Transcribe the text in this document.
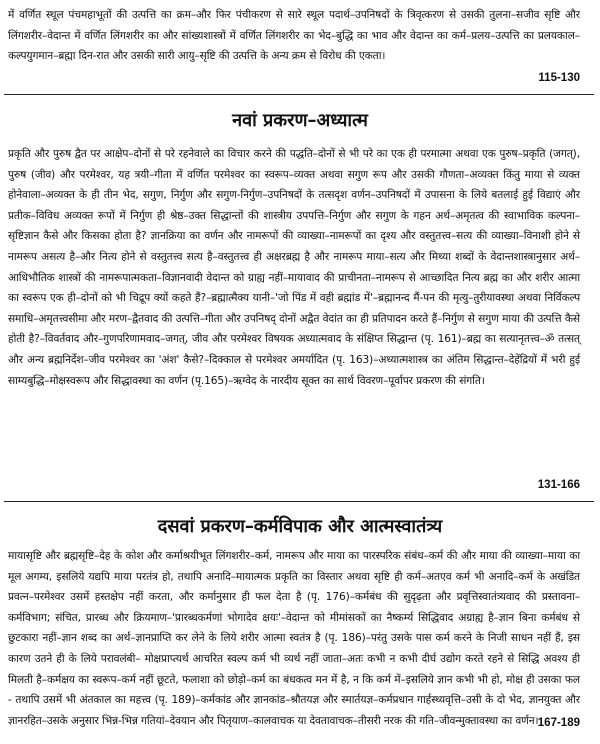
में वर्णित स्थूल पंचमहाभूतों की उत्पत्ति का क्रम–और फिर पंचीकरण से सारे स्थूल पदार्थ–उपनिषदों के त्रिवृत्करण से उसकी तुलना–सजीव सृष्टि और लिंगशरीर–वेदान्त में वर्णित लिंगशरीर का और सांख्यशास्त्रों में वर्णित लिंगशरीर का भेद–बुद्धि का भाव और वेदान्त का कर्म–प्रलय–उत्पत्ति का प्रलयकाल– कल्पयुगमान–ब्रह्मा दिन-रात और उसकी सारी आयु–सृष्टि की उत्पत्ति के अन्य क्रम से विरोध की एकता।

115-130
नवां प्रकरण–अध्यात्म

प्रकृति और पुरुष द्वैत पर आक्षेप–दोनों से परे रहनेवाले का विचार करने की पद्धति–दोनों से भी परे का एक ही परमात्मा अथवा एक पुरुष–प्रकृति (जगत्), पुरुष (जीव) और परमेश्वर, यह त्रयी–गीता में वर्णित परमेश्वर का स्वरूप–व्यक्त अथवा सगुण रूप और उसकी गौणता–अव्यक्त किंतु माया से व्यक्त होनेवाला–अव्यक्त के ही तीन भेद, सगुण, निर्गुण और सगुण-निर्गुण–उपनिषदों के तत्सदृश वर्णन–उपनिषदों में उपासना के लिये बतलाई हुई विद्याएं और प्रतीक–विविध अव्यक्त रूपों में निर्गुण ही श्रेष्ठ–उक्त सिद्धान्तों की शास्त्रीय उपपत्ति–निर्गुण और सगुण के गहन अर्थ–अमृतत्व की स्वाभाविक कल्पना–सृष्टिज्ञान कैसे और किसका होता है? ज्ञानक्रिया का वर्णन और नामरूपों की व्याख्या–नामरूपों का दृश्य और वस्तुतत्त्व–सत्य की व्याख्या–विनाशी होने से नामरूप असत्य है–और नित्य होने से वस्तुतत्त्व सत्य है–वस्तुतत्त्व ही अक्षरब्रह्म है और नामरूप माया–सत्य और मिथ्या शब्दों के वेदान्तशास्त्रानुसार अर्थ–आधिभौतिक शास्त्रों की नामरूपात्मकता–विज्ञानवादी वेदान्त को ग्राह्य नहीं–मायावाद की प्राचीनता–नामरूप से आच्छादित नित्य ब्रह्म का और शरीर आत्मा का स्वरूप एक ही–दोनों को भी चिद्रूप क्यों कहते हैं?–ब्रह्मात्मैक्य यानी–'जो पिंड में वही ब्रह्मांड में'–ब्रह्मानन्द मैं-पन की मृत्यु–तुरीयावस्था अथवा निर्विकल्प समाधि–अमृतत्त्वसीमा और मरण–द्वैतवाद की उत्पत्ति–गीता और उपनिषद् दोनों अद्वैत वेदांत का ही प्रतिपादन करते हैं–निर्गुण से सगुण माया की उत्पत्ति कैसे होती है?–विवर्तवाद और–गुणपरिणामवाद–जगत्, जीव और परमेश्वर विषयक अध्यात्मवाद के संक्षिप्त सिद्धान्त (पृ. 161)–ब्रह्म का सत्यानृतत्त्व–ॐ तत्सत् और अन्य ब्रह्मनिर्देश–जीव परमेश्वर का 'अंश' कैसे?–दिक्काल से परमेश्वर अमर्यादित (पृ. 163)–अध्यात्मशास्त्र का अंतिम सिद्धान्त–देहेंद्रियों में भरी हुई साम्यबुद्धि–मोक्षस्वरूप और सिद्धावस्था का वर्णन (पृ.165)–ऋग्वेद के नारदीय सूक्त का सार्थ विवरण–पूर्वापर प्रकरण की संगति।

131-166
दसवां प्रकरण–कर्मविपाक और आत्मस्वातंत्र्य

मायासृष्टि और ब्रह्मसृष्टि–देह के कोश और कर्माश्रयीभूत लिंगशरीर–कर्म, नामरूप और माया का पारस्परिक संबंध–कर्म की और माया की व्याख्या–माया का मूल अगम्य, इसलिये यद्यपि माया परतंत्र हो, तथापि अनादि–मायात्मक प्रकृति का विस्तार अथवा सृष्टि ही कर्म–अतएव कर्म भी अनादि–कर्म के अखंडित प्रवत्न–परमेश्वर उसमें हस्तक्षेप नहीं करता, और कर्मानुसार ही फल देता है (पृ. 176)–कर्मबंध की सुदृढ़ता और प्रवृत्तिस्वातंत्र्यवाद की प्रस्तावना–कर्मविभाग; संचित, प्रारब्ध और क्रियमाण–'प्रारब्धकर्मणां भोगादेव क्षयः'–वेदान्त को मीमांसकों का नैष्कर्म्य सिद्धिवाद अग्राह्य है–ज्ञान बिना कर्मबंध से छुटकारा नहीं–ज्ञान शब्द का अर्थ–ज्ञानप्राप्ति कर लेने के लिये शरीर आत्मा स्वतंत्र है (पृ. 186)–परंतु उसके पास कर्म करने के निजी साधन नहीं हैं, इस कारण उतने ही के लिये परावलंबी– मोक्षप्राप्त्यर्थ आचरित स्वल्प कर्म भी व्यर्थ नहीं जाता–अतः कभी न कभी दीर्घ उद्योग करते रहने से सिद्धि अवश्य ही मिलती है–कर्मक्षय का स्वरूप–कर्म नहीं छूटते, फलाशा को छोड़ो–कर्म का बंधकत्व मन में है, न कि कर्म में–इसलिये ज्ञान कभी भी हो, मोक्ष ही उसका फल - तथापि उसमें भी अंतकाल का महत्त्व (पृ. 189)–कर्मकांड और ज्ञानकांड–श्रौतयज्ञ और स्मार्तयज्ञ–कर्मप्रधान गार्हस्थ्यवृत्ति–उसी के दो भेद, ज्ञानयुक्त और ज्ञानरहित–उसके अनुसार भिन्न-भिन्न गतियां–देवयान और पितृयाण–कालवाचक या देवतावाचक–तीसरी नरक की गति–जीवन्मुक्तावस्था का वर्णन। 167-189
